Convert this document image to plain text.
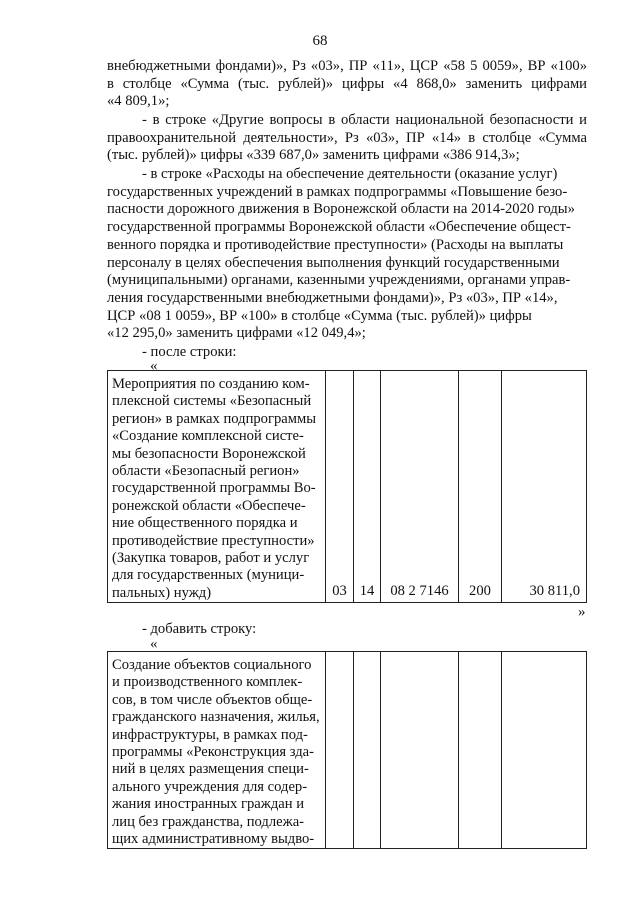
68
внебюджетными фондами)», Рз «03», ПР «11», ЦСР «58 5 0059», ВР «100»
в столбце «Сумма (тыс. рублей)» цифры «4 868,0» заменить цифрами
«4 809,1»;
- в строке «Другие вопросы в области национальной безопасности и
правоохранительной деятельности», Рз «03», ПР «14» в столбце «Сумма
(тыс. рублей)» цифры «339 687,0» заменить цифрами «386 914,3»;
- в строке «Расходы на обеспечение деятельности (оказание услуг)
государственных учреждений в рамках подпрограммы «Повышение безо-
пасности дорожного движения в Воронежской области на 2014-2020 годы»
государственной программы Воронежской области «Обеспечение общест-
венного порядка и противодействие преступности» (Расходы на выплаты
персоналу в целях обеспечения выполнения функций государственными
(муниципальными) органами, казенными учреждениями, органами управ-
ления государственными внебюджетными фондами)», Рз «03», ПР «14»,
ЦСР «08 1 0059», ВР «100» в столбце «Сумма (тыс. рублей)» цифры
«12 295,0» заменить цифрами «12 049,4»;
- после строки:
«
Мероприятия по созданию ком-
плексной системы «Безопасный
регион» в рамках подпрограммы
«Создание комплексной систе-
мы безопасности Воронежской
области «Безопасный регион»
государственной программы Во-
ронежской области «Обеспече-
ние общественного порядка и
противодействие преступности»
(Закупка товаров, работ и услуг
для государственных (муници-
пальных) нужд)	03	14	08 2 7146	200	30 811,0
»
- добавить строку:
«
Создание объектов социального
и производственного комплек-
сов, в том числе объектов обще-
гражданского назначения, жилья,
инфраструктуры, в рамках под-
программы «Реконструкция зда-
ний в целях размещения специ-
ального учреждения для содер-
жания иностранных граждан и
лиц без гражданства, подлежа-
щих административному выдво-
